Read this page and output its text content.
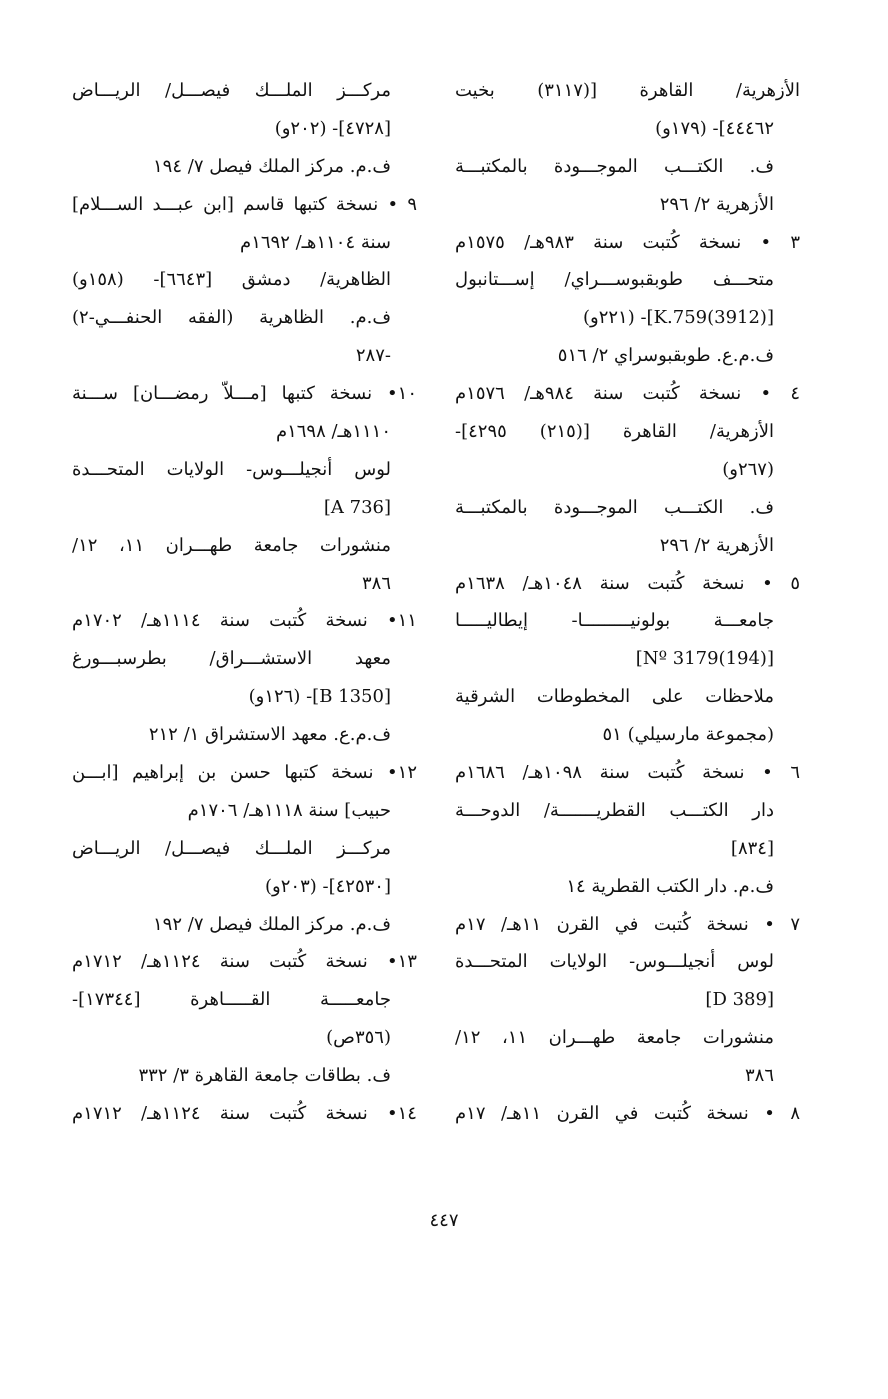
الأزهرية/ القاهرة [(٣١١٧) بخيت
٤٤٤٦٢]- (١٧٩و)
ف. الكتـــب الموجـــودة بالمكتبـــة
الأزهرية ٢/ ٢٩٦
٣ • نسخة كُتبت سنة ٩٨٣هـ/ ١٥٧٥م
متحـــف طوبقبوســـراي/ إســـتانبول
[K.759(3912)]- (٢٢١و)
ف.م.ع. طوبقبوسراي ٢/ ٥١٦
٤ • نسخة كُتبت سنة ٩٨٤هـ/ ١٥٧٦م
الأزهرية/ القاهرة [(٢١٥) ٤٢٩٥]-
(٢٦٧و)
ف. الكتـــب الموجـــودة بالمكتبـــة
الأزهرية ٢/ ٢٩٦
٥ • نسخة كُتبت سنة ١٠٤٨هـ/ ١٦٣٨م
جامعـــة بولونيـــــــــا- إيطاليـــــا
[Nº 3179(194)]
ملاحظات على المخطوطات الشرقية
(مجموعة مارسيلي) ٥١
٦ • نسخة كُتبت سنة ١٠٩٨هـ/ ١٦٨٦م
دار الكتـــب القطريـــــــة/ الدوحـــة
[٨٣٤]
ف.م. دار الكتب القطرية ١٤
٧ • نسخة كُتبت في القرن ١١هـ/ ١٧م
لوس أنجيلـــوس- الولايات المتحـــدة
[D 389]
منشورات جامعة طهـــران ١١، ١٢/
٣٨٦
٨ • نسخة كُتبت في القرن ١١هـ/ ١٧م
مركـــز الملـــك فيصـــل/ الريـــاض
[٤٧٢٨]- (٢٠٢و)
ف.م. مركز الملك فيصل ٧/ ١٩٤
٩ • نسخة كتبها قاسم [ابن عبـــد الســـلام]
سنة ١١٠٤هـ/ ١٦٩٢م
الظاهرية/ دمشق [٦٦٤٣]- (١٥٨و)
ف.م. الظاهرية (الفقه الحنفـــي-٢)
-٢٨٧
١٠• نسخة كتبها [مـــلاّ رمضـــان] ســـنة
١١١٠هـ/ ١٦٩٨م
لوس أنجيلـــوس- الولايات المتحـــدة
[A 736]
منشورات جامعة طهـــران ١١، ١٢/
٣٨٦
١١• نسخة كُتبت سنة ١١١٤هـ/ ١٧٠٢م
معهد الاستشـــراق/ بطرسبـــورغ
[B 1350]- (١٢٦و)
ف.م.ع. معهد الاستشراق ١/ ٢١٢
١٢• نسخة كتبها حسن بن إبراهيم [ابـــن
حبيب] سنة ١١١٨هـ/ ١٧٠٦م
مركـــز الملـــك فيصـــل/ الريـــاض
[٤٢٥٣٠]- (٢٠٣و)
ف.م. مركز الملك فيصل ٧/ ١٩٢
١٣• نسخة كُتبت سنة ١١٢٤هـ/ ١٧١٢م
جامعـــــة القـــــاهرة [١٧٣٤٤]-
(٣٥٦ص)
ف. بطاقات جامعة القاهرة ٣/ ٣٣٢
١٤• نسخة كُتبت سنة ١١٢٤هـ/ ١٧١٢م
٤٤٧
